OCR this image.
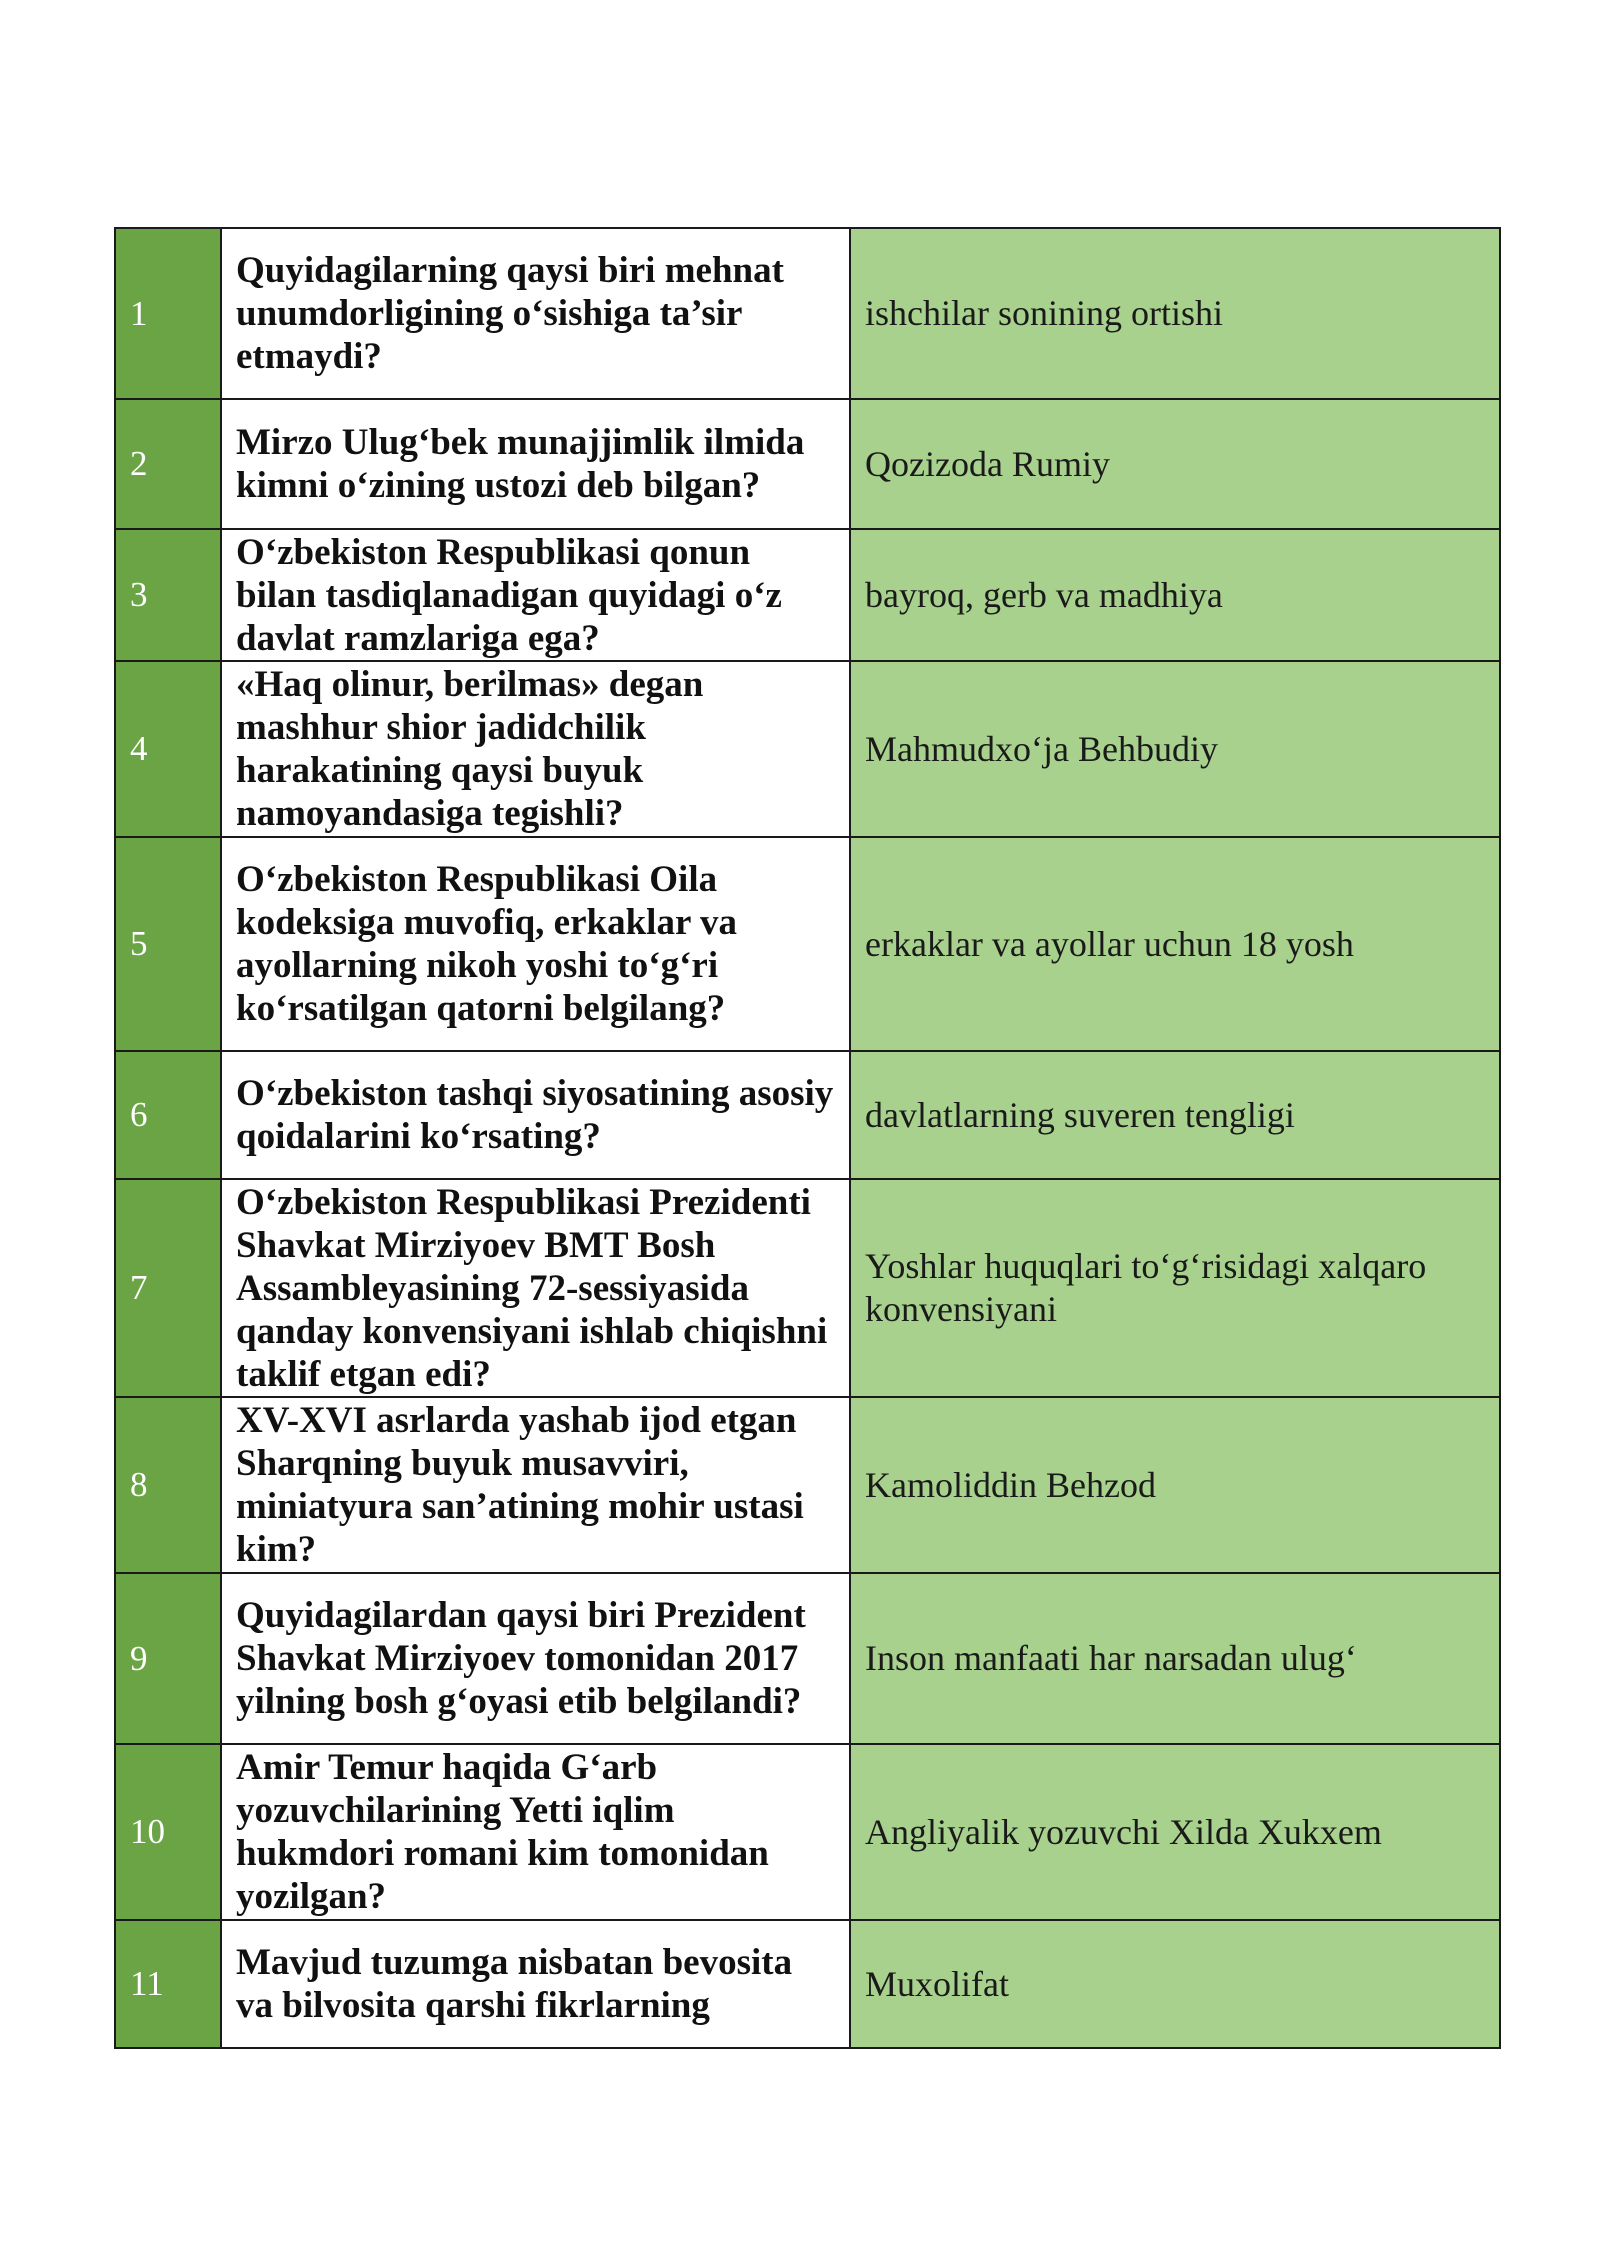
1	Quyidagilarning qaysi biri mehnat unumdorligining o‘sishiga ta’sir etmaydi?	ishchilar sonining ortishi
2	Mirzo Ulug‘bek munajjimlik ilmida kimni o‘zining ustozi deb bilgan?	Qozizoda Rumiy
3	O‘zbekiston Respublikasi qonun bilan tasdiqlanadigan quyidagi o‘z davlat ramzlariga ega?	bayroq, gerb va madhiya
4	«Haq olinur, berilmas» degan mashhur shior jadidchilik harakatining qaysi buyuk namoyandasiga tegishli?	Mahmudxo‘ja Behbudiy
5	O‘zbekiston Respublikasi Oila kodeksiga muvofiq, erkaklar va ayollarning nikoh yoshi to‘g‘ri ko‘rsatilgan qatorni belgilang?	erkaklar va ayollar uchun 18 yosh
6	O‘zbekiston tashqi siyosatining asosiy qoidalarini ko‘rsating?	davlatlarning suveren tengligi
7	O‘zbekiston Respublikasi Prezidenti Shavkat Mirziyoev BMT Bosh Assambleyasining 72-sessiyasida qanday konvensiyani ishlab chiqishni taklif etgan edi?	Yoshlar huquqlari to‘g‘risidagi xalqaro konvensiyani
8	XV-XVI asrlarda yashab ijod etgan Sharqning buyuk musavviri, miniatyura san’atining mohir ustasi kim?	Kamoliddin Behzod
9	Quyidagilardan qaysi biri Prezident Shavkat Mirziyoev tomonidan 2017 yilning bosh g‘oyasi etib belgilandi?	Inson manfaati har narsadan ulug‘
10	Amir Temur haqida G‘arb yozuvchilarining Yetti iqlim hukmdori romani kim tomonidan yozilgan?	Angliyalik yozuvchi Xilda Xukxem
11	Mavjud tuzumga nisbatan bevosita va bilvosita qarshi fikrlarning	Muxolifat
